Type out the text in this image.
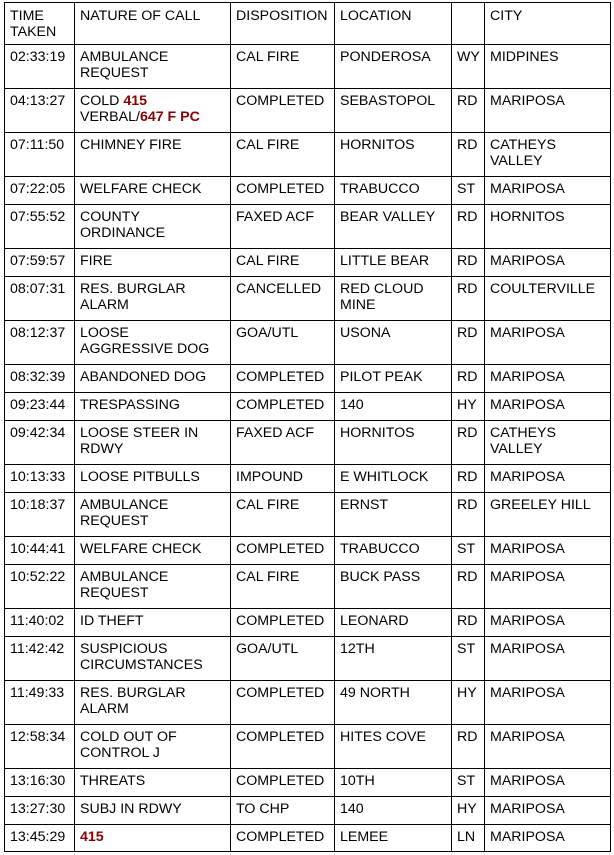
TIME TAKEN	NATURE OF CALL	DISPOSITION	LOCATION		CITY
02:33:19	AMBULANCE REQUEST	CAL FIRE	PONDEROSA	WY	MIDPINES
04:13:27	COLD 415 VERBAL/647 F PC	COMPLETED	SEBASTOPOL	RD	MARIPOSA
07:11:50	CHIMNEY FIRE	CAL FIRE	HORNITOS	RD	CATHEYS VALLEY
07:22:05	WELFARE CHECK	COMPLETED	TRABUCCO	ST	MARIPOSA
07:55:52	COUNTY ORDINANCE	FAXED ACF	BEAR VALLEY	RD	HORNITOS
07:59:57	FIRE	CAL FIRE	LITTLE BEAR	RD	MARIPOSA
08:07:31	RES. BURGLAR ALARM	CANCELLED	RED CLOUD MINE	RD	COULTERVILLE
08:12:37	LOOSE AGGRESSIVE DOG	GOA/UTL	USONA	RD	MARIPOSA
08:32:39	ABANDONED DOG	COMPLETED	PILOT PEAK	RD	MARIPOSA
09:23:44	TRESPASSING	COMPLETED	140	HY	MARIPOSA
09:42:34	LOOSE STEER IN RDWY	FAXED ACF	HORNITOS	RD	CATHEYS VALLEY
10:13:33	LOOSE PITBULLS	IMPOUND	E WHITLOCK	RD	MARIPOSA
10:18:37	AMBULANCE REQUEST	CAL FIRE	ERNST	RD	GREELEY HILL
10:44:41	WELFARE CHECK	COMPLETED	TRABUCCO	ST	MARIPOSA
10:52:22	AMBULANCE REQUEST	CAL FIRE	BUCK PASS	RD	MARIPOSA
11:40:02	ID THEFT	COMPLETED	LEONARD	RD	MARIPOSA
11:42:42	SUSPICIOUS CIRCUMSTANCES	GOA/UTL	12TH	ST	MARIPOSA
11:49:33	RES. BURGLAR ALARM	COMPLETED	49 NORTH	HY	MARIPOSA
12:58:34	COLD OUT OF CONTROL J	COMPLETED	HITES COVE	RD	MARIPOSA
13:16:30	THREATS	COMPLETED	10TH	ST	MARIPOSA
13:27:30	SUBJ IN RDWY	TO CHP	140	HY	MARIPOSA
13:45:29	415	COMPLETED	LEMEE	LN	MARIPOSA
